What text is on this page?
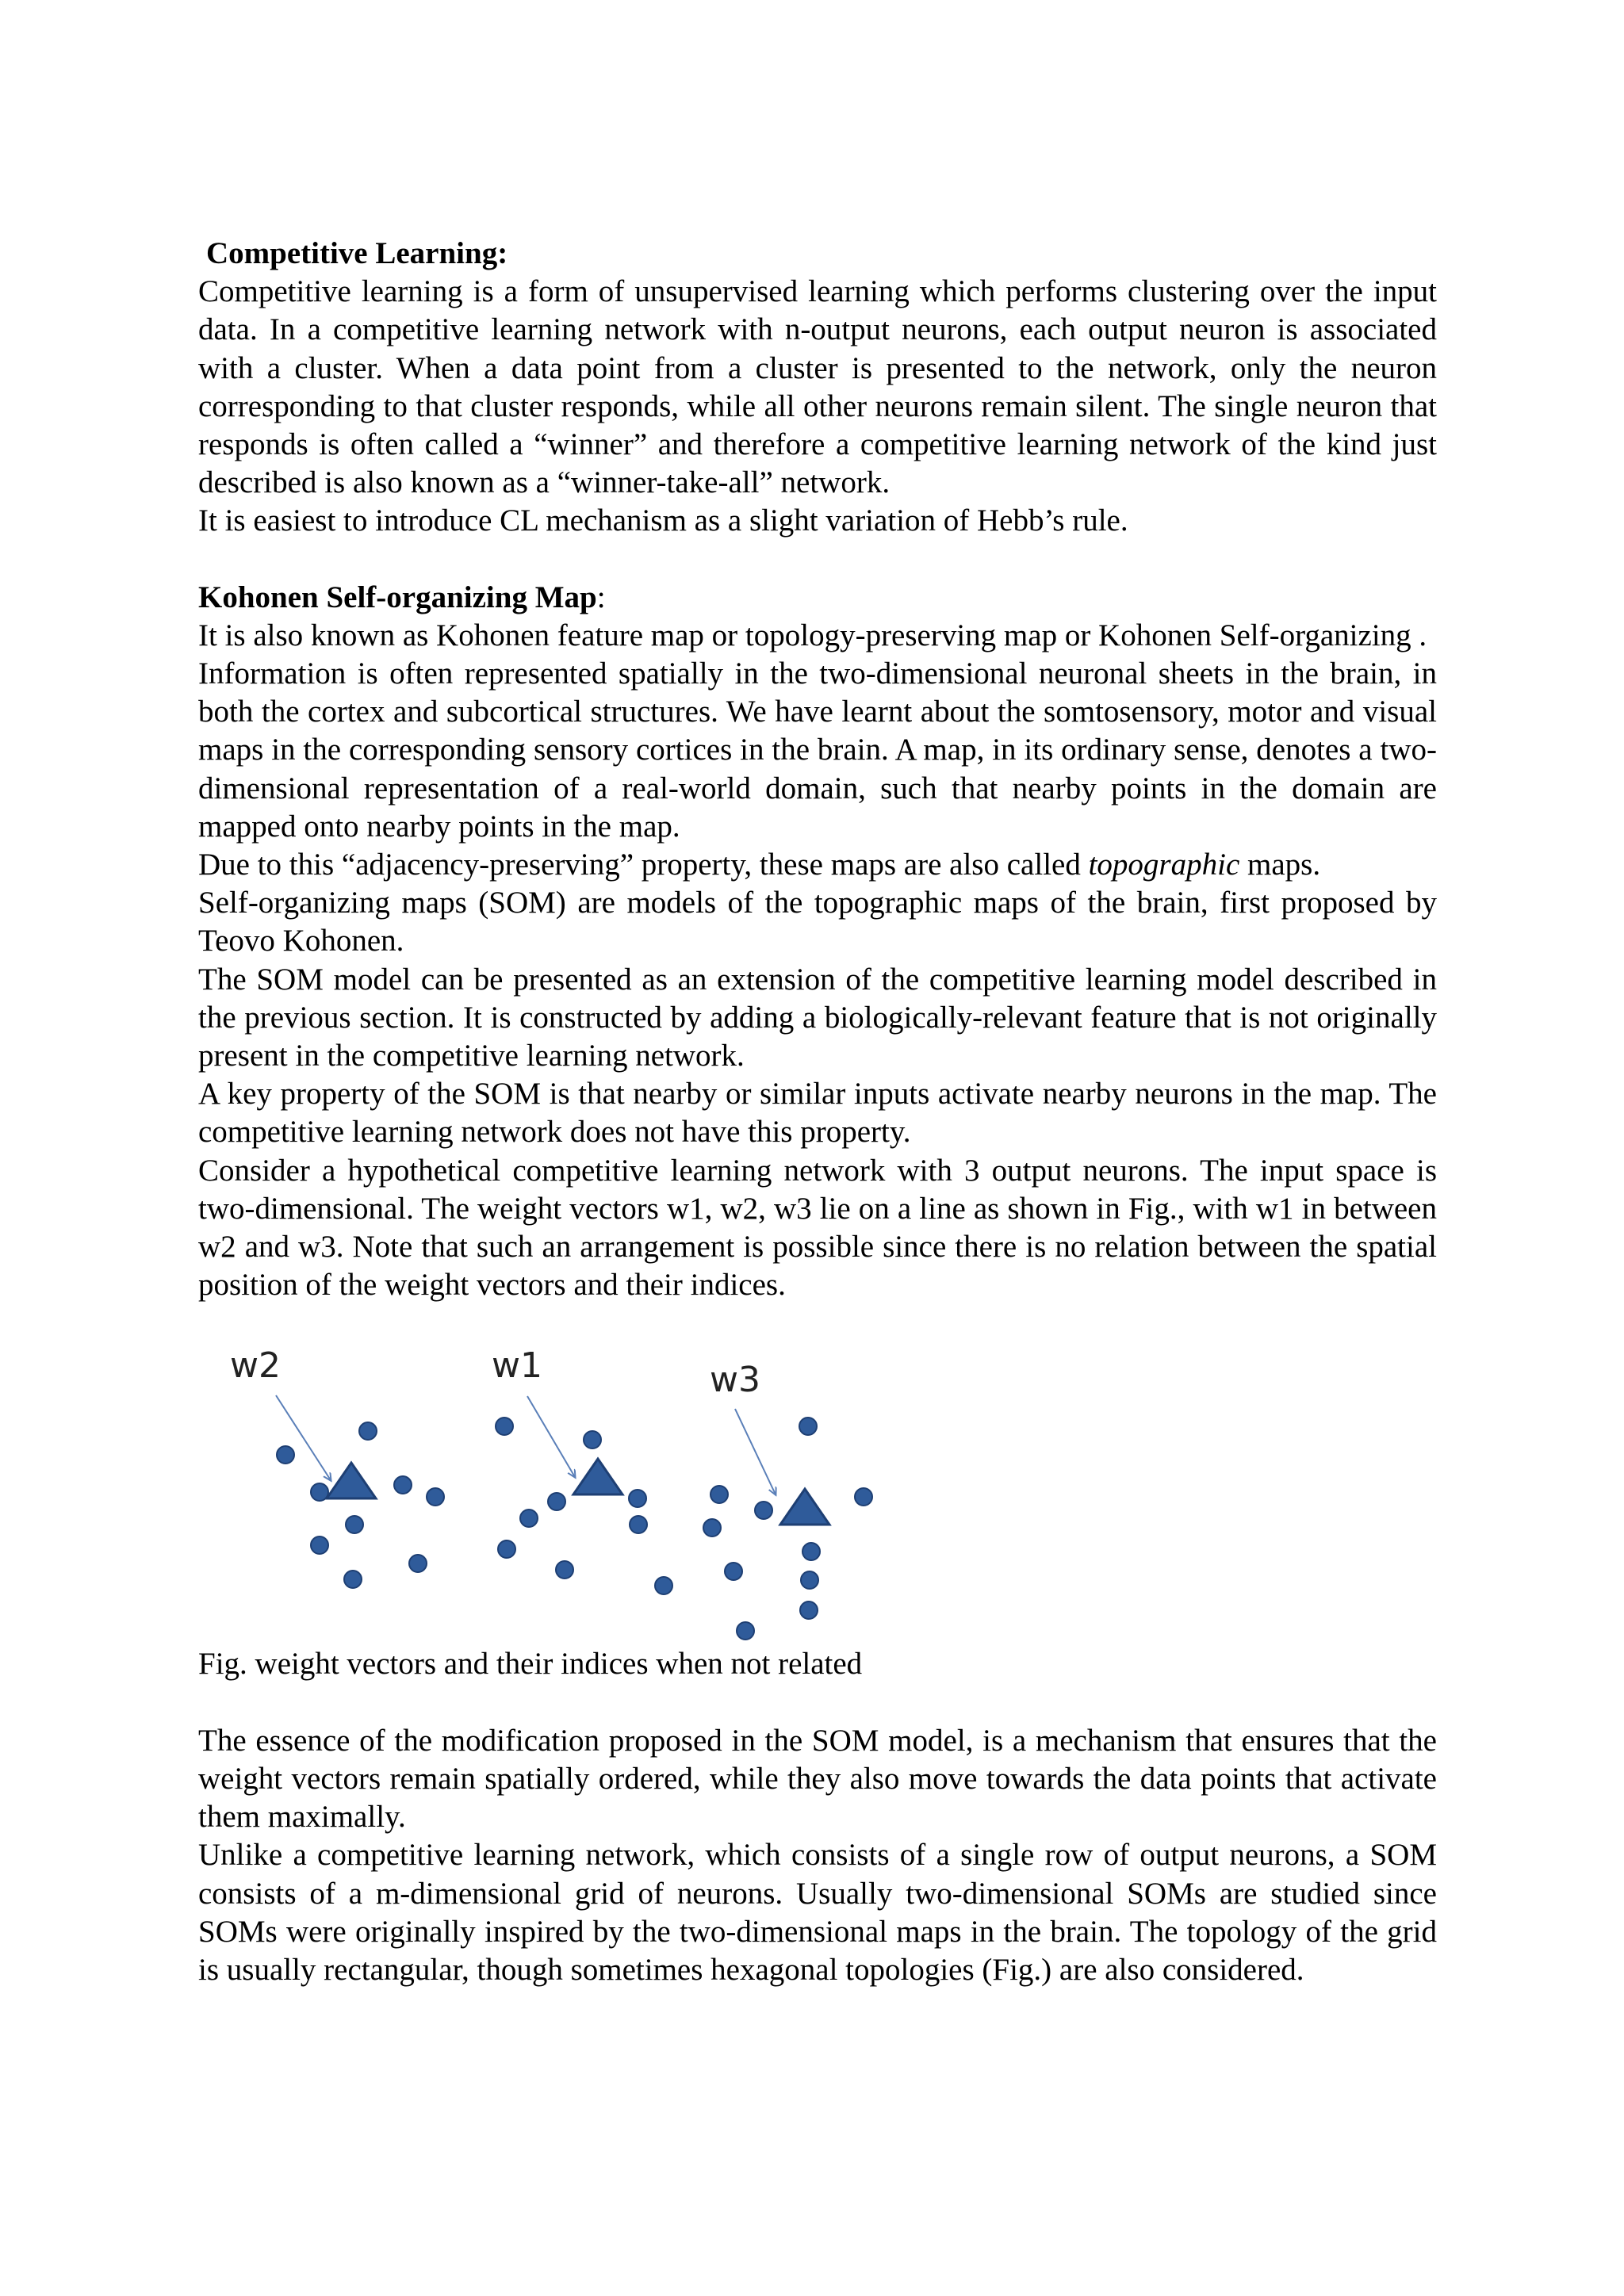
Competitive Learning:

Competitive learning is a form of unsupervised learning which performs clustering over the input data. In a competitive learning network with n-output neurons, each output neuron is associated with a cluster. When a data point from a cluster is presented to the network, only the neuron corresponding to that cluster responds, while all other neurons remain silent. The single neuron that responds is often called a “winner” and therefore a competitive learning network of the kind just described is also known as a “winner-take-all” network.

It is easiest to introduce CL mechanism as a slight variation of Hebb’s rule.

Kohonen Self-organizing Map:

It is also known as Kohonen feature map or topology-preserving map or Kohonen Self-organizing .

Information is often represented spatially in the two-dimensional neuronal sheets in the brain, in both the cortex and subcortical structures. We have learnt about the somtosensory, motor and visual maps in the corresponding sensory cortices in the brain. A map, in its ordinary sense, denotes a two-dimensional representation of a real-world domain, such that nearby points in the domain are mapped onto nearby points in the map.

Due to this “adjacency-preserving” property, these maps are also called topographic maps.

Self-organizing maps (SOM) are models of the topographic maps of the brain, first proposed by Teovo Kohonen.

The SOM model can be presented as an extension of the competitive learning model described in the previous section. It is constructed by adding a biologically-relevant feature that is not originally present in the competitive learning network.

A key property of the SOM is that nearby or similar inputs activate nearby neurons in the map. The competitive learning network does not have this property.

Consider a hypothetical competitive learning network with 3 output neurons. The input space is two-dimensional. The weight vectors w1, w2, w3 lie on a line as shown in Fig., with w1 in between w2 and w3. Note that such an arrangement is possible since there is no relation between the spatial position of the weight vectors and their indices.

w2	w1	w3

Fig. weight vectors and their indices when not related

The essence of the modification proposed in the SOM model, is a mechanism that ensures that the weight vectors remain spatially ordered, while they also move towards the data points that activate them maximally.

Unlike a competitive learning network, which consists of a single row of output neurons, a SOM consists of a m-dimensional grid of neurons. Usually two-dimensional SOMs are studied since SOMs were originally inspired by the two-dimensional maps in the brain. The topology of the grid is usually rectangular, though sometimes hexagonal topologies (Fig.) are also considered.
